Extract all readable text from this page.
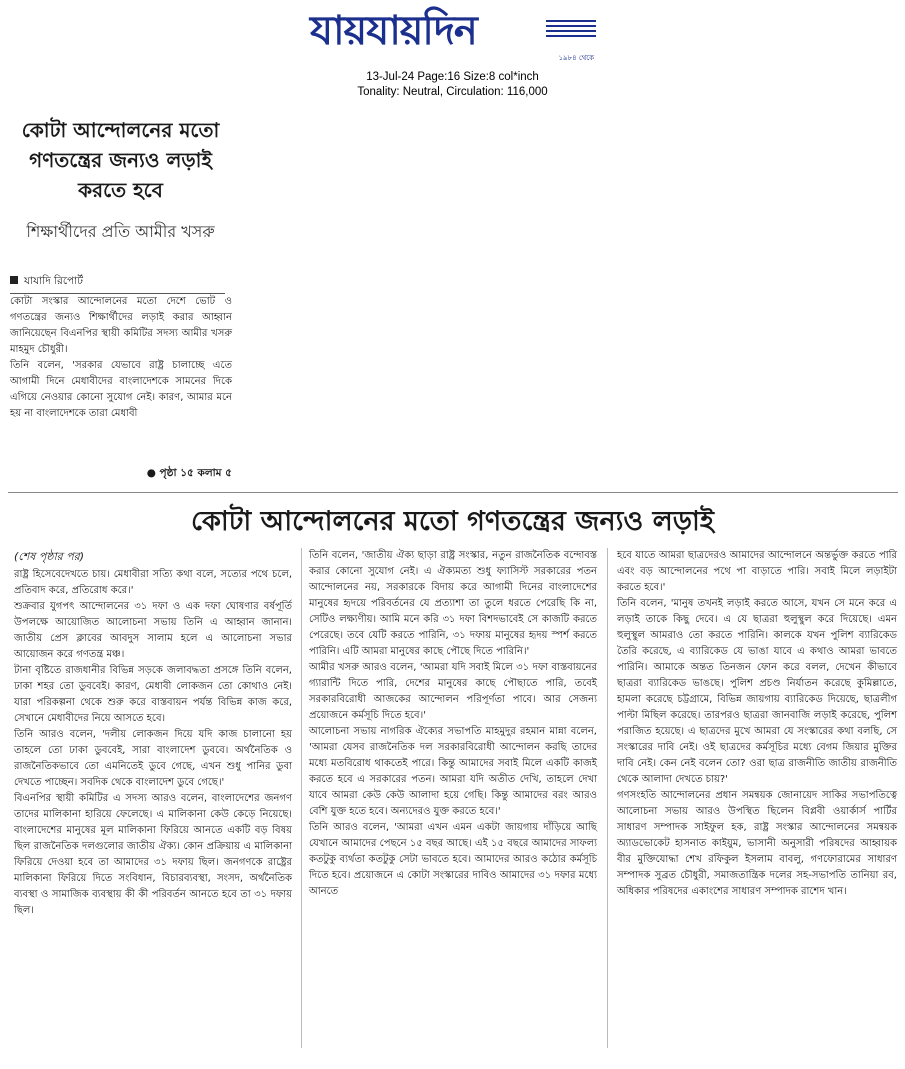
যায়যায়দিন
১৯৮৪ থেকে
13-Jul-24 Page:16 Size:8 col*inch
Tonality: Neutral, Circulation: 116,000
কোটা আন্দোলনের মতো গণতন্ত্রের জন্যও লড়াই করতে হবে
শিক্ষার্থীদের প্রতি আমীর খসরু
যাযাদি রিপোর্ট

কোটা সংস্কার আন্দোলনের মতো দেশে ভোট ও গণতন্ত্রের জন্যও শিক্ষার্থীদের লড়াই করার আহ্বান জানিয়েছেন বিএনপির স্থায়ী কমিটির সদস্য আমীর খসরু মাহমুদ চৌধুরী।

তিনি বলেন, 'সরকার যেভাবে রাষ্ট্র চালাচ্ছে এতে আগামী দিনে মেধাবীদের বাংলাদেশকে সামনের দিকে এগিয়ে নেওয়ার কোনো সুযোগ নেই। কারণ, আমার মনে হয় না বাংলাদেশকে তারা মেধাবী

● পৃষ্ঠা ১৫ কলাম ৫
কোটা আন্দোলনের মতো গণতন্ত্রের জন্যও লড়াই
(শেষ পৃষ্ঠার পর)

রাষ্ট্র হিসেবেদেখতে চায়। মেধাবীরা সত্যি কথা বলে, সত্যের পথে চলে, প্রতিবাদ করে, প্রতিরোধ করে।'

শুক্রবার যুগপৎ আন্দোলনের ৩১ দফা ও এক দফা ঘোষণার বর্ষপূর্তি উপলক্ষে আয়োজিত আলোচনা সভায় তিনি এ আহ্বান জানান। জাতীয় প্রেস ক্লাবের আবদুস সালাম হলে এ আলোচনা সভার আয়োজন করে গণতন্ত্র মঞ্চ।

টানা বৃষ্টিতে রাজধানীর বিভিন্ন সড়কে জলাবদ্ধতা প্রসঙ্গে তিনি বলেন, ঢাকা শহর তো ডুববেই। কারণ, মেধাবী লোকজন তো কোথাও নেই। যারা পরিকল্পনা থেকে শুরু করে বাস্তবায়ন পর্যন্ত বিভিন্ন কাজ করে, সেখানে মেধাবীদের নিয়ে আসতে হবে।

তিনি আরও বলেন, 'দলীয় লোকজন দিয়ে যদি কাজ চালানো হয় তাহলে তো ঢাকা ডুববেই, সারা বাংলাদেশ ডুববে। অর্থনৈতিক ও রাজনৈতিকভাবে তো এমনিতেই ডুবে গেছে, এখন শুধু পানির ডুবা দেখতে পাচ্ছেন। সবদিক থেকে বাংলাদেশ ডুবে গেছে।'

বিএনপির স্থায়ী কমিটির এ সদস্য আরও বলেন, বাংলাদেশের জনগণ তাদের মালিকানা হারিয়ে ফেলেছে। এ মালিকানা কেউ কেড়ে নিয়েছে। বাংলাদেশের মানুষের মূল মালিকানা ফিরিয়ে আনতে একটি বড় বিষয় ছিল রাজনৈতিক দলগুলোর জাতীয় ঐক্য। কোন প্রক্রিয়ায় এ মালিকানা ফিরিয়ে দেওয়া হবে তা আমাদের ৩১ দফায় ছিল। জনগণকে রাষ্ট্রের মালিকানা ফিরিয়ে দিতে সংবিধান, বিচারব্যবস্থা, সংসদ, অর্থনৈতিক ব্যবস্থা ও সামাজিক ব্যবস্থায় কী কী পরিবর্তন আনতে হবে তা ৩১ দফায় ছিল।

তিনি বলেন, 'জাতীয় ঐক্য ছাড়া রাষ্ট্র সংস্কার, নতুন রাজনৈতিক বন্দোবস্ত করার কোনো সুযোগ নেই। এ ঐক্যমত্য শুধু ফ্যাসিস্ট সরকারের পতন আন্দোলনের নয়, সরকারকে বিদায় করে আগামী দিনের বাংলাদেশের মানুষের হৃদয়ে পরিবর্তনের যে প্রত্যাশা তা তুলে ধরতে পেরেছি কি না, সেটিও লক্ষ্যণীয়। আমি মনে করি ৩১ দফা বিশদভাবেই সে কাজটি করতে পেরেছে। তবে যেটি করতে পারিনি, ৩১ দফায় মানুষের হৃদয় স্পর্শ করতে পারিনি। এটি আমরা মানুষের কাছে পৌছে দিতে পারিনি।'

আমীর খসরু আরও বলেন, 'আমরা যদি সবাই মিলে ৩১ দফা বাস্তবায়নের গ্যারান্টি দিতে পারি, দেশের মানুষের কাছে পৌছাতে পারি, তবেই সরকারবিরোধী আজকের আন্দোলন পরিপূর্ণতা পাবে। আর সেজন্য প্রয়োজনে কর্মসূচি দিতে হবে।'

আলোচনা সভায় নাগরিক ঐক্যের সভাপতি মাহমুদুর রহমান মান্না বলেন, 'আমরা যেসব রাজনৈতিক দল সরকারবিরোধী আন্দোলন করছি তাদের মধ্যে মতবিরোধ থাকতেই পারে। কিন্তু আমাদের সবাই মিলে একটি কাজই করতে হবে এ সরকারের পতন। আমরা যদি অতীত দেখি, তাহলে দেখা যাবে আমরা কেউ কেউ আলাদা হয়ে গেছি। কিন্তু আমাদের বরং আরও বেশি যুক্ত হতে হবে। অন্যদেরও যুক্ত করতে হবে।'

তিনি আরও বলেন, 'আমরা এখন এমন একটা জায়গায় দাঁড়িয়ে আছি যেখানে আমাদের পেছনে ১৫ বছর আছে। এই ১৫ বছরে আমাদের সাফল্য কতটুকু ব্যর্থতা কতটুকু সেটা ভাবতে হবে। আমাদের আরও কঠোর কর্মসূচি দিতে হবে। প্রয়োজনে এ কোটা সংস্কারের দাবিও আমাদের ৩১ দফার মধ্যে আনতে

হবে যাতে আমরা ছাত্রদেরও আমাদের আন্দোলনে অন্তর্ভুক্ত করতে পারি এবং বড় আন্দোলনের পথে পা বাড়াতে পারি। সবাই মিলে লড়াইটা করতে হবে।'

তিনি বলেন, 'মানুষ তখনই লড়াই করতে আসে, যখন সে মনে করে এ লড়াই তাকে কিছু দেবে। এ যে ছাত্ররা হুলুস্থুল করে দিয়েছে। এমন হুলুস্থুল আমরাও তো করতে পারিনি। কালকে যখন পুলিশ ব্যারিকেড তৈরি করেছে, এ ব্যারিকেড যে ভাঙা যাবে এ কথাও আমরা ভাবতে পারিনি। আমাকে অন্তত তিনজন ফোন করে বলল, দেখেন কীভাবে ছাত্ররা ব্যারিকেড ভাঙছে। পুলিশ প্রচণ্ড নির্যাতন করেছে কুমিল্লাতে, হামলা করেছে চট্টগ্রামে, বিভিন্ন জায়গায় ব্যারিকেড দিয়েছে, ছাত্রলীগ পাল্টা মিছিল করেছে। তারপরও ছাত্ররা জানবাজি লড়াই করেছে, পুলিশ পরাজিত হয়েছে। এ ছাত্রদের মুখে আমরা যে সংস্কারের কথা বলছি, সে সংস্কারের দাবি নেই। ওই ছাত্রদের কর্মসূচির মধ্যে বেগম জিয়ার মুক্তির দাবি নেই। কেন নেই বলেন তো? ওরা ছাত্র রাজনীতি জাতীয় রাজনীতি থেকে আলাদা দেখতে চায়?'

গণসংহতি আন্দোলনের প্রধান সমন্বয়ক জোনায়েদ সাকির সভাপতিত্বে আলোচনা সভায় আরও উপস্থিত ছিলেন বিপ্লবী ওয়ার্কার্স পার্টির সাধারণ সম্পাদক সাইফুল হক, রাষ্ট্র সংস্কার আন্দোলনের সমন্বয়ক অ্যাডভোকেট হাসনাত কাইয়ুম, ভাসানী অনুসারী পরিষদের আহ্বায়ক বীর মুক্তিযোদ্ধা শেখ রফিকুল ইসলাম বাবলু, গণফোরামের সাধারণ সম্পাদক সুব্রত চৌধুরী, সমাজতান্ত্রিক দলের সহ-সভাপতি তানিয়া রব, অধিকার পরিষদের একাংশের সাধারণ সম্পাদক রাশেদ খান।
